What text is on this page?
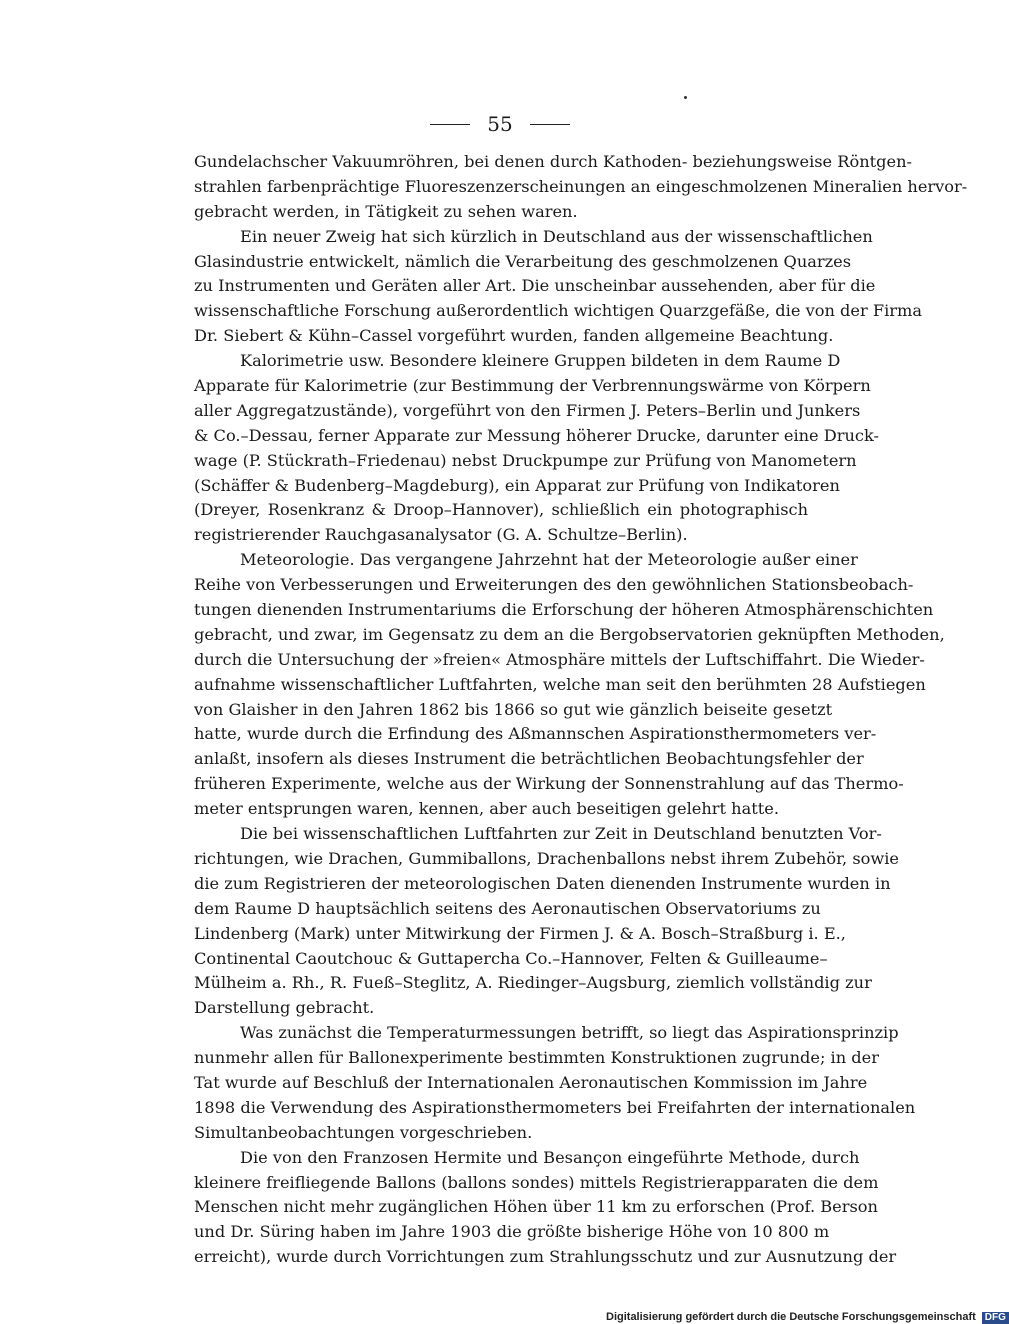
55
Gundelachscher Vakuumröhren, bei denen durch Kathoden- beziehungsweise Röntgen-
strahlen farbenprächtige Fluoreszenzerscheinungen an eingeschmolzenen Mineralien hervor-
gebracht werden, in Tätigkeit zu sehen waren.
Ein neuer Zweig hat sich kürzlich in Deutschland aus der wissenschaftlichen
Glasindustrie entwickelt, nämlich die Verarbeitung des geschmolzenen Quarzes
zu Instrumenten und Geräten aller Art. Die unscheinbar aussehenden, aber für die
wissenschaftliche Forschung außerordentlich wichtigen Quarzgefäße, die von der Firma
Dr. Siebert & Kühn–Cassel vorgeführt wurden, fanden allgemeine Beachtung.
Kalorimetrie usw. Besondere kleinere Gruppen bildeten in dem Raume D
Apparate für Kalorimetrie (zur Bestimmung der Verbrennungswärme von Körpern
aller Aggregatzustände), vorgeführt von den Firmen J. Peters–Berlin und Junkers
& Co.–Dessau, ferner Apparate zur Messung höherer Drucke, darunter eine Druck-
wage (P. Stückrath–Friedenau) nebst Druckpumpe zur Prüfung von Manometern
(Schäffer & Budenberg–Magdeburg), ein Apparat zur Prüfung von Indikatoren
(Dreyer, Rosenkranz & Droop–Hannover), schließlich ein photographisch
registrierender Rauchgasanalysator (G. A. Schultze–Berlin).
Meteorologie. Das vergangene Jahrzehnt hat der Meteorologie außer einer
Reihe von Verbesserungen und Erweiterungen des den gewöhnlichen Stationsbeobach-
tungen dienenden Instrumentariums die Erforschung der höheren Atmosphärenschichten
gebracht, und zwar, im Gegensatz zu dem an die Bergobservatorien geknüpften Methoden,
durch die Untersuchung der »freien« Atmosphäre mittels der Luftschiffahrt. Die Wieder-
aufnahme wissenschaftlicher Luftfahrten, welche man seit den berühmten 28 Aufstiegen
von Glaisher in den Jahren 1862 bis 1866 so gut wie gänzlich beiseite gesetzt
hatte, wurde durch die Erfindung des Aßmannschen Aspirationsthermometers ver-
anlaßt, insofern als dieses Instrument die beträchtlichen Beobachtungsfehler der
früheren Experimente, welche aus der Wirkung der Sonnenstrahlung auf das Thermo-
meter entsprungen waren, kennen, aber auch beseitigen gelehrt hatte.
Die bei wissenschaftlichen Luftfahrten zur Zeit in Deutschland benutzten Vor-
richtungen, wie Drachen, Gummiballons, Drachenballons nebst ihrem Zubehör, sowie
die zum Registrieren der meteorologischen Daten dienenden Instrumente wurden in
dem Raume D hauptsächlich seitens des Aeronautischen Observatoriums zu
Lindenberg (Mark) unter Mitwirkung der Firmen J. & A. Bosch–Straßburg i. E.,
Continental Caoutchouc & Guttapercha Co.–Hannover, Felten & Guilleaume–
Mülheim a. Rh., R. Fueß–Steglitz, A. Riedinger–Augsburg, ziemlich vollständig zur
Darstellung gebracht.
Was zunächst die Temperaturmessungen betrifft, so liegt das Aspirationsprinzip
nunmehr allen für Ballonexperimente bestimmten Konstruktionen zugrunde; in der
Tat wurde auf Beschluß der Internationalen Aeronautischen Kommission im Jahre
1898 die Verwendung des Aspirationsthermometers bei Freifahrten der internationalen
Simultanbeobachtungen vorgeschrieben.
Die von den Franzosen Hermite und Besançon eingeführte Methode, durch
kleinere freifliegende Ballons (ballons sondes) mittels Registrierapparaten die dem
Menschen nicht mehr zugänglichen Höhen über 11 km zu erforschen (Prof. Berson
und Dr. Süring haben im Jahre 1903 die größte bisherige Höhe von 10 800 m
erreicht), wurde durch Vorrichtungen zum Strahlungsschutz und zur Ausnutzung der
Digitalisierung gefördert durch die Deutsche Forschungsgemeinschaft DFG
